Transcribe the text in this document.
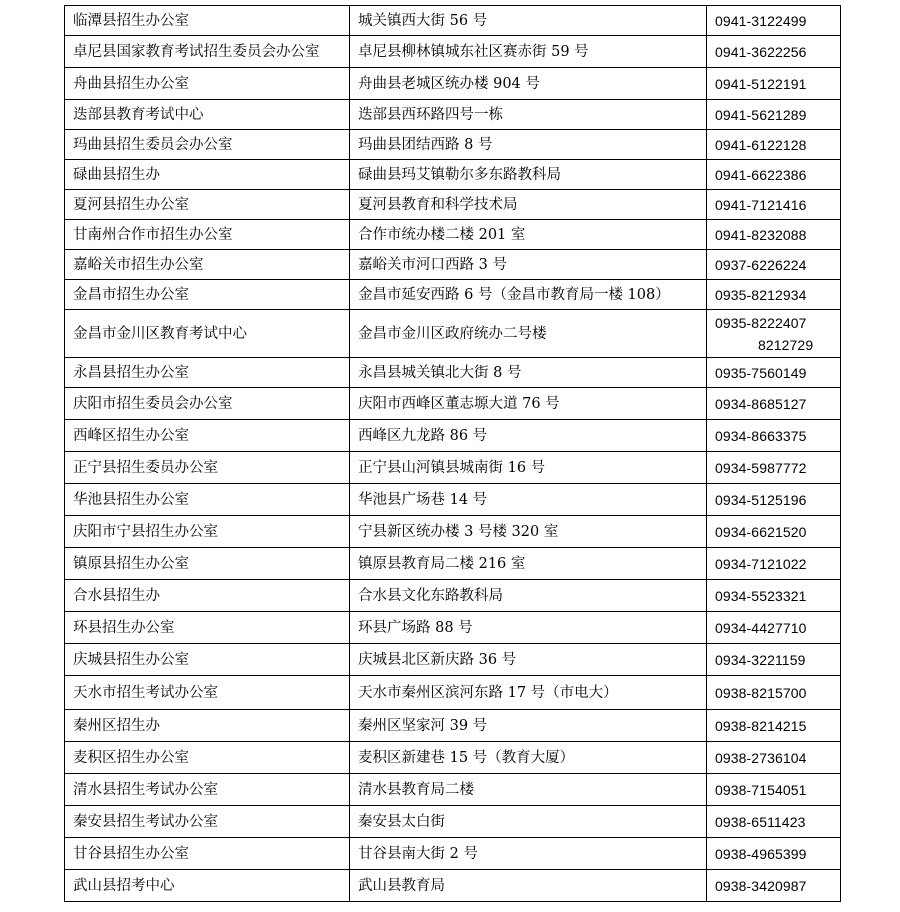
临潭县招生办公室	城关镇西大街 56 号	0941-3122499

卓尼县国家教育考试招生委员会办公室	卓尼县柳林镇城东社区赛赤街 59 号	0941-3622256

舟曲县招生办公室	舟曲县老城区统办楼 904 号	0941-5122191

迭部县教育考试中心	迭部县西环路四号一栋	0941-5621289

玛曲县招生委员会办公室	玛曲县团结西路 8 号	0941-6122128

碌曲县招生办	碌曲县玛艾镇勒尔多东路教科局	0941-6622386

夏河县招生办公室	夏河县教育和科学技术局	0941-7121416

甘南州合作市招生办公室	合作市统办楼二楼 201 室	0941-8232088

嘉峪关市招生办公室	嘉峪关市河口西路 3 号	0937-6226224

金昌市招生办公室	金昌市延安西路 6 号（金昌市教育局一楼 108）	0935-8212934

金昌市金川区教育考试中心	金昌市金川区政府统办二号楼	0935-8222407
8212729

永昌县招生办公室	永昌县城关镇北大街 8 号	0935-7560149

庆阳市招生委员会办公室	庆阳市西峰区董志塬大道 76 号	0934-8685127

西峰区招生办公室	西峰区九龙路 86 号	0934-8663375

正宁县招生委员办公室	正宁县山河镇县城南街 16 号	0934-5987772

华池县招生办公室	华池县广场巷 14 号	0934-5125196

庆阳市宁县招生办公室	宁县新区统办楼 3 号楼 320 室	0934-6621520

镇原县招生办公室	镇原县教育局二楼 216 室	0934-7121022

合水县招生办	合水县文化东路教科局	0934-5523321

环县招生办公室	环县广场路 88 号	0934-4427710

庆城县招生办公室	庆城县北区新庆路 36 号	0934-3221159

天水市招生考试办公室	天水市秦州区滨河东路 17 号（市电大）	0938-8215700

秦州区招生办	秦州区坚家河 39 号	0938-8214215

麦积区招生办公室	麦积区新建巷 15 号（教育大厦）	0938-2736104

清水县招生考试办公室	清水县教育局二楼	0938-7154051

秦安县招生考试办公室	秦安县太白街	0938-6511423

甘谷县招生办公室	甘谷县南大街 2 号	0938-4965399

武山县招考中心	武山县教育局	0938-3420987
